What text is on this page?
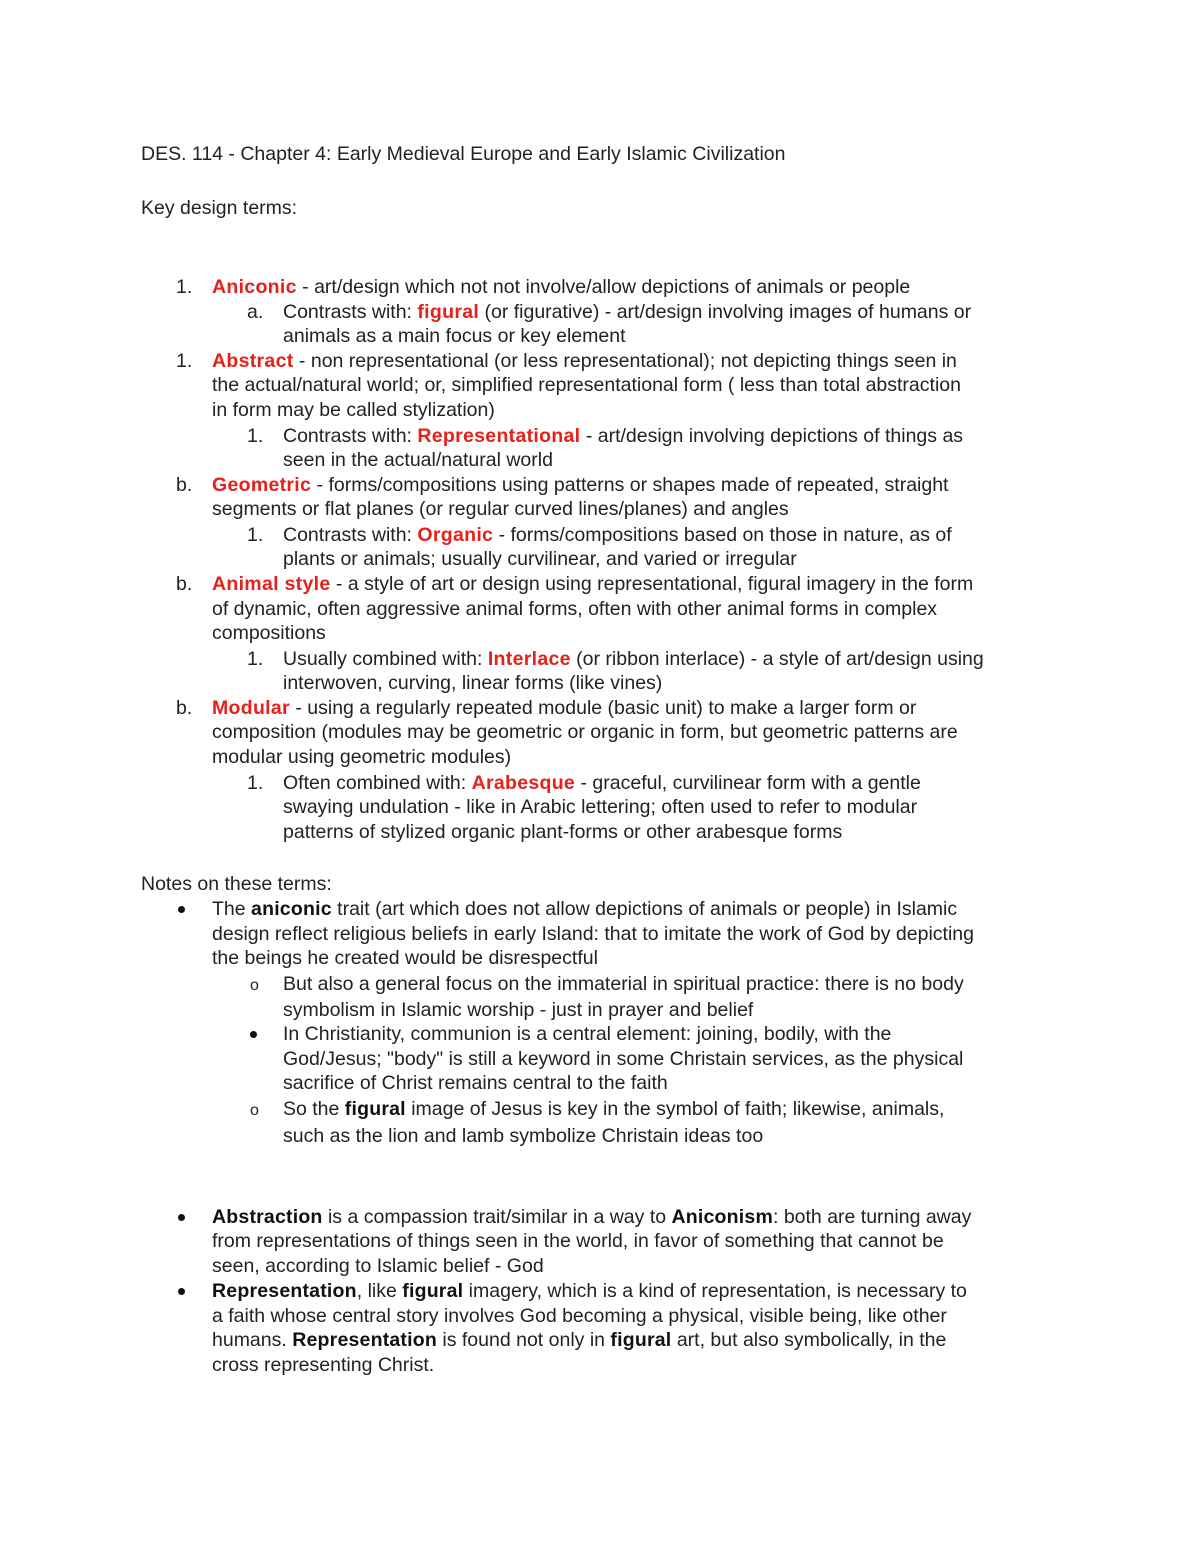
DES. 114 - Chapter 4: Early Medieval Europe and Early Islamic Civilization
Key design terms:
1. Aniconic - art/design which not not involve/allow depictions of animals or people
a. Contrasts with: figural (or figurative) - art/design involving images of humans or
animals as a main focus or key element
1. Abstract - non representational (or less representational); not depicting things seen in
the actual/natural world; or, simplified representational form ( less than total abstraction
in form may be called stylization)
1. Contrasts with: Representational - art/design involving depictions of things as
seen in the actual/natural world
b. Geometric - forms/compositions using patterns or shapes made of repeated, straight
segments or flat planes (or regular curved lines/planes) and angles
1. Contrasts with: Organic - forms/compositions based on those in nature, as of
plants or animals; usually curvilinear, and varied or irregular
b. Animal style - a style of art or design using representational, figural imagery in the form
of dynamic, often aggressive animal forms, often with other animal forms in complex
compositions
1. Usually combined with: Interlace (or ribbon interlace) - a style of art/design using
interwoven, curving, linear forms (like vines)
b. Modular - using a regularly repeated module (basic unit) to make a larger form or
composition (modules may be geometric or organic in form, but geometric patterns are
modular using geometric modules)
1. Often combined with: Arabesque - graceful, curvilinear form with a gentle
swaying undulation - like in Arabic lettering; often used to refer to modular
patterns of stylized organic plant-forms or other arabesque forms
Notes on these terms:
The aniconic trait (art which does not allow depictions of animals or people) in Islamic
design reflect religious beliefs in early Island: that to imitate the work of God by depicting
the beings he created would be disrespectful
o But also a general focus on the immaterial in spiritual practice: there is no body
symbolism in Islamic worship - just in prayer and belief
In Christianity, communion is a central element: joining, bodily, with the
God/Jesus; "body" is still a keyword in some Christain services, as the physical
sacrifice of Christ remains central to the faith
o So the figural image of Jesus is key in the symbol of faith; likewise, animals,
such as the lion and lamb symbolize Christain ideas too
Abstraction is a compassion trait/similar in a way to Aniconism: both are turning away
from representations of things seen in the world, in favor of something that cannot be
seen, according to Islamic belief - God
Representation, like figural imagery, which is a kind of representation, is necessary to
a faith whose central story involves God becoming a physical, visible being, like other
humans. Representation is found not only in figural art, but also symbolically, in the
cross representing Christ.
